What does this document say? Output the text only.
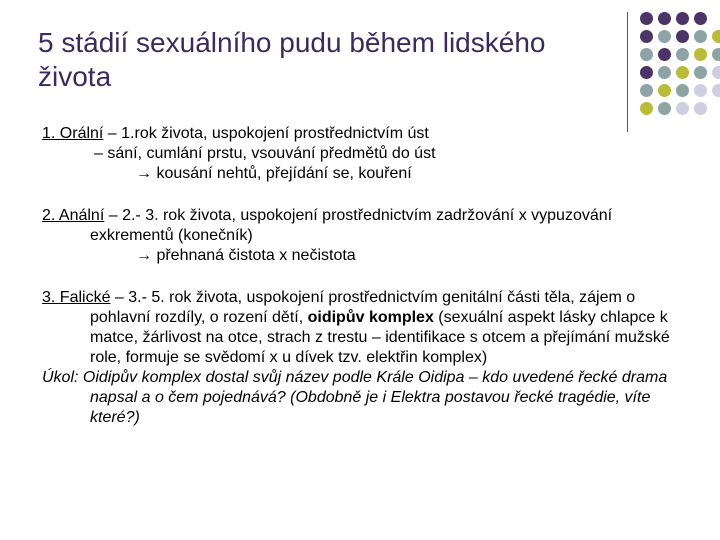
5 stádií sexuálního pudu během lidského života

1. Orální – 1.rok života, uspokojení prostřednictvím úst

– sání, cumlání prstu, vsouvání předmětů do úst

→ kousání nehtů, přejídání se, kouření

2. Anální – 2.- 3. rok života, uspokojení prostřednictvím zadržování x vypuzování exkrementů (konečník)

→ přehnaná čistota x nečistota

3. Falické – 3.- 5. rok života, uspokojení prostřednictvím genitální části těla, zájem o pohlavní rozdíly, o rození dětí, oidipův komplex (sexuální aspekt lásky chlapce k matce, žárlivost na otce, strach z trestu – identifikace s otcem a přejímání mužské role, formuje se svědomí x u dívek tzv. elektřin komplex)

Úkol: Oidipův komplex dostal svůj název podle Krále Oidipa – kdo uvedené řecké drama napsal a o čem pojednává? (Obdobně je i Elektra postavou řecké tragédie, víte které?)
